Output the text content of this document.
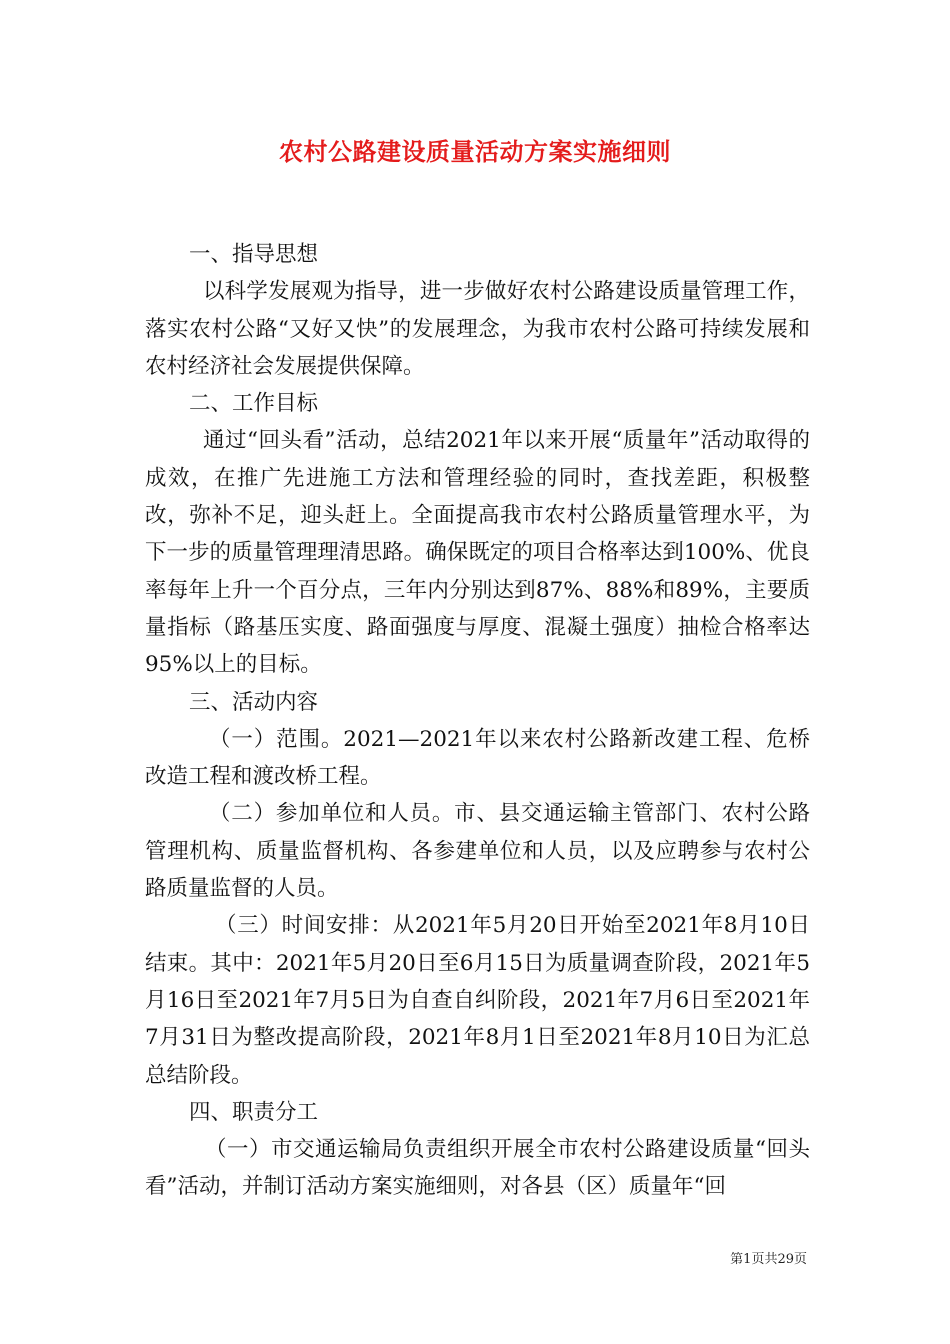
农村公路建设质量活动方案实施细则

一、指导思想

以科学发展观为指导，进一步做好农村公路建设质量管理工作，落实农村公路“又好又快”的发展理念，为我市农村公路可持续发展和农村经济社会发展提供保障。

二、工作目标

通过“回头看”活动，总结2021年以来开展“质量年”活动取得的成效，在推广先进施工方法和管理经验的同时，查找差距，积极整改，弥补不足，迎头赶上。全面提高我市农村公路质量管理水平，为下一步的质量管理理清思路。确保既定的项目合格率达到100%、优良率每年上升一个百分点，三年内分别达到87%、88%和89%，主要质量指标（路基压实度、路面强度与厚度、混凝土强度）抽检合格率达95%以上的目标。

三、活动内容

（一）范围。2021—2021年以来农村公路新改建工程、危桥改造工程和渡改桥工程。

（二）参加单位和人员。市、县交通运输主管部门、农村公路管理机构、质量监督机构、各参建单位和人员，以及应聘参与农村公路质量监督的人员。

（三）时间安排：从2021年5月20日开始至2021年8月10日结束。其中：2021年5月20日至6月15日为质量调查阶段，2021年5月16日至2021年7月5日为自查自纠阶段，2021年7月6日至2021年7月31日为整改提高阶段，2021年8月1日至2021年8月10日为汇总总结阶段。

四、职责分工

（一）市交通运输局负责组织开展全市农村公路建设质量“回头看”活动，并制订活动方案实施细则，对各县（区）质量年“回

第1页共29页
